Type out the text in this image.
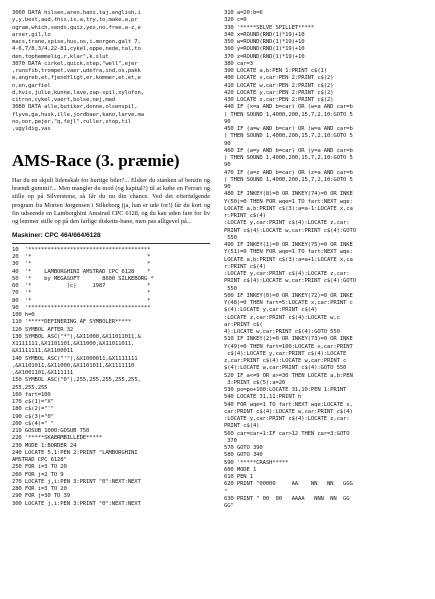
3060 DATA hilsen,aren,hans,taj,english,i
y,y,best,aud,this,is,a,try,to,make,a,pr
ogram,which,sends,quiz,yes,no,free,a-z,e
arser,gil,lo
macs,trane,spise,hus,os,i,morgen,galt 7,
4-6,7/8,3/4,22-81,cykel,oppe,nede,tal,to
den,tophemmelig,r,klar",k,slut
3070 DATA cirkel,quick,step,"well",ejer
,runsfib,trompet,vaer,udefra,ind,os,pakk
e,angreb,et,fjendtligt,er,kommer,et,et,e
n,en,garfiel
d,hvis,julie,kunne,lave,zap-spil,xylofon,
citron,cykel,vaert,bolse,nej,mad
3080 DATA alle,butiker,donne,olsenspil,
flyve,ga,husk,ille,jordbaer,kano,larve,ma
no,oor,pejer,"q,fejl",ruller,stop,til
,ugyldig,vas
AMS-Race (3. præmie)

Har du en skjult lidenskab for hurtige biler?... Elsker du stanken af benzin og brændt gummi?... Men mangler du mod (og kapital?) til at købe en Ferrari og stille op på Silverstone, så får du nu din chance. Ved det efterfølgende program fra Morten Jørgensen i Silkeborg (ja, han er ude for!) får du kort og fin udseende en Lamborghini Amstrad CPC 6128, og du kan uden fare for liv og lemmer stille op på den farlige diskette-bane, men pas alligevel på...

Maskiner: CPC 464/664/6128
10  '**************************************
20  '*                                    *
30  '*                                    *
40  '*    LAMBORGHINI AMSTRAD CPC 6128    *
50  '*    by MEGASOFT       8600 SILKEBORG *
60  '*           (c)     1987             *
70  '*                                    *
80  '*                                    *
90  '**************************************
100 h=0
110 '*****DEFINERING AF SYMBOLER*****
120 SYMBOL AFTER 32
130 SYMBOL ASC("*"),&X11000,&X11011011,&
X1111111,&X1101101,&X11000,&X11011011,
&X1111111,&X1100011
140 SYMBOL ASC("'"),&X1000011,&X1111111
,&X1101011,&X11000,&X1101011,&X1111110
,&X1001101,&X111111
150 SYMBOL ASC("0"),255,255,255,255,255,
255,255,255
160 fart=100
170 c$(1)="X"
180 c$(2)="'"
190 c$(3)="0"
200 c$(4)=" "
210 GOSUB 1000:GOSUB 750
220 '*****SKAERMBILLEDE*****
230 MODE 1:BORDER 24
240 LOCATE 5,1:PEN 2:PRINT "LAMBORGHINI
AMSTRAD CPC 6128"
250 FOR i=3 TO 20
260 FOR j=2 TO 9
270 LOCATE j,i:PEN 3:PRINT "0":NEXT:NEXT
280 FOR i=3 TO 20
290 FOR j=30 TO 39
300 LOCATE j,i:PEN 3:PRINT "0":NEXT:NEXT
310 a=20:b=6
320 c=0
330 '*****SELVE SPILLET*****
340 x=ROUND(RND(1)*19)+10
350 w=ROUND(RND(1)*19)+10
360 y=ROUND(RND(1)*19)+10
370 z=ROUND(RND(1)*19)+10
380 car=3
390 LOCATE a,b:PEN 1:PRINT c$(1)
400 LOCATE x,car:PEN 2:PRINT c$(2)
410 LOCATE w,car:PEN 2:PRINT c$(2)
420 LOCATE y,car:PEN 2:PRINT c$(2)
430 LOCATE z,car:PEN 2:PRINT c$(2)
440 IF (x=a AND b=car) OR (w=a AND car=b
) THEN SOUND 1,4000,200,15,7,2,10:GOTO 5
90
450 IF (a=w AND b=car) OR (w=a AND car=b
) THEN SOUND 1,4000,200,15,7,2,10:GOTO 5
90
460 IF (a=y AND b=car) OR (y=a AND car=b
) THEN SOUND 1,4000,200,15,7,2,10:GOTO 5
90
470 IF (a=z AND b=car) OR (z=a AND car=b
) THEN SOUND 1,4000,200,15,7,2,10:GOTO 5
90
480 IF INKEY(8)=0 OR INKEY(74)=0 OR INKE
Y(50)=0 THEN FOR wqe=1 TO fart:NEXT wqe:
LOCATE a,b:PRINT c$(3):a=a-1:LOCATE x,ca
r:PRINT c$(4)
:LOCATE y,car:PRINT c$(4):LOCATE z,car:
PRINT c$(4):LOCATE w,car:PRINT c$(4):GOTO
550
490 IF INKEY(1)=0 OR INKEY(75)=0 OR INKE
Y(51)=0 THEN FOR wqe=1 TO fart:NEXT wqe:
LOCATE a,b:PRINT c$(3):a=a+1:LOCATE x,ca
r:PRINT c$(4)
:LOCATE y,car:PRINT c$(4):LOCATE z,car:
PRINT c$(4):LOCATE w,car:PRINT c$(4):GOTO
550
500 IF INKEY(0)=0 OR INKEY(72)=0 OR INKE
Y(48)=0 THEN fart=5:LOCATE x,car:PRINT c
$(4):LOCATE y,car:PRINT c$(4)
:LOCATE z,car:PRINT c$(4):LOCATE w,c
ar:PRINT c$(
4):LOCATE w,car:PRINT c$(4):GOTO 550
510 IF INKEY(2)=0 OR INKEY(73)=0 OR INKE
Y(49)=0 THEN fart=100:LOCATE x,car:PRINT
c$(4):LOCATE y,car:PRINT c$(4):LOCATE
z,car:PRINT c$(4):LOCATE w,car:PRINT c
$(4):LOCATE w,car:PRINT c$(4):GOTO 550
520 IF a<=9 OR a>=30 THEN LOCATE a,b:PEN
3:PRINT c$(5):a=20
530 po=po+100:LOCATE 31,10:PEN 1:PRINT
540 LOCATE 31,11:PRINT h
540 FOR wqe=1 TO fart:NEXT wqe:LOCATE x,
car:PRINT c$(4):LOCATE w,car:PRINT c$(4)
:LOCATE y,car:PRINT c$(4):LOCATE z,car:
PRINT c$(4)
560 car=car+1:IF car>12 THEN car=3:GOTO
370
570 GOTO 390
580 GOTO 340
590 '*****CRASH*****
600 MODE 1
610 PEN 1
620 PRINT "00000     AA    NN   NN   GGG
"
630 PRINT " 00  00   AAAA   NNN  NN  GG
GG"
